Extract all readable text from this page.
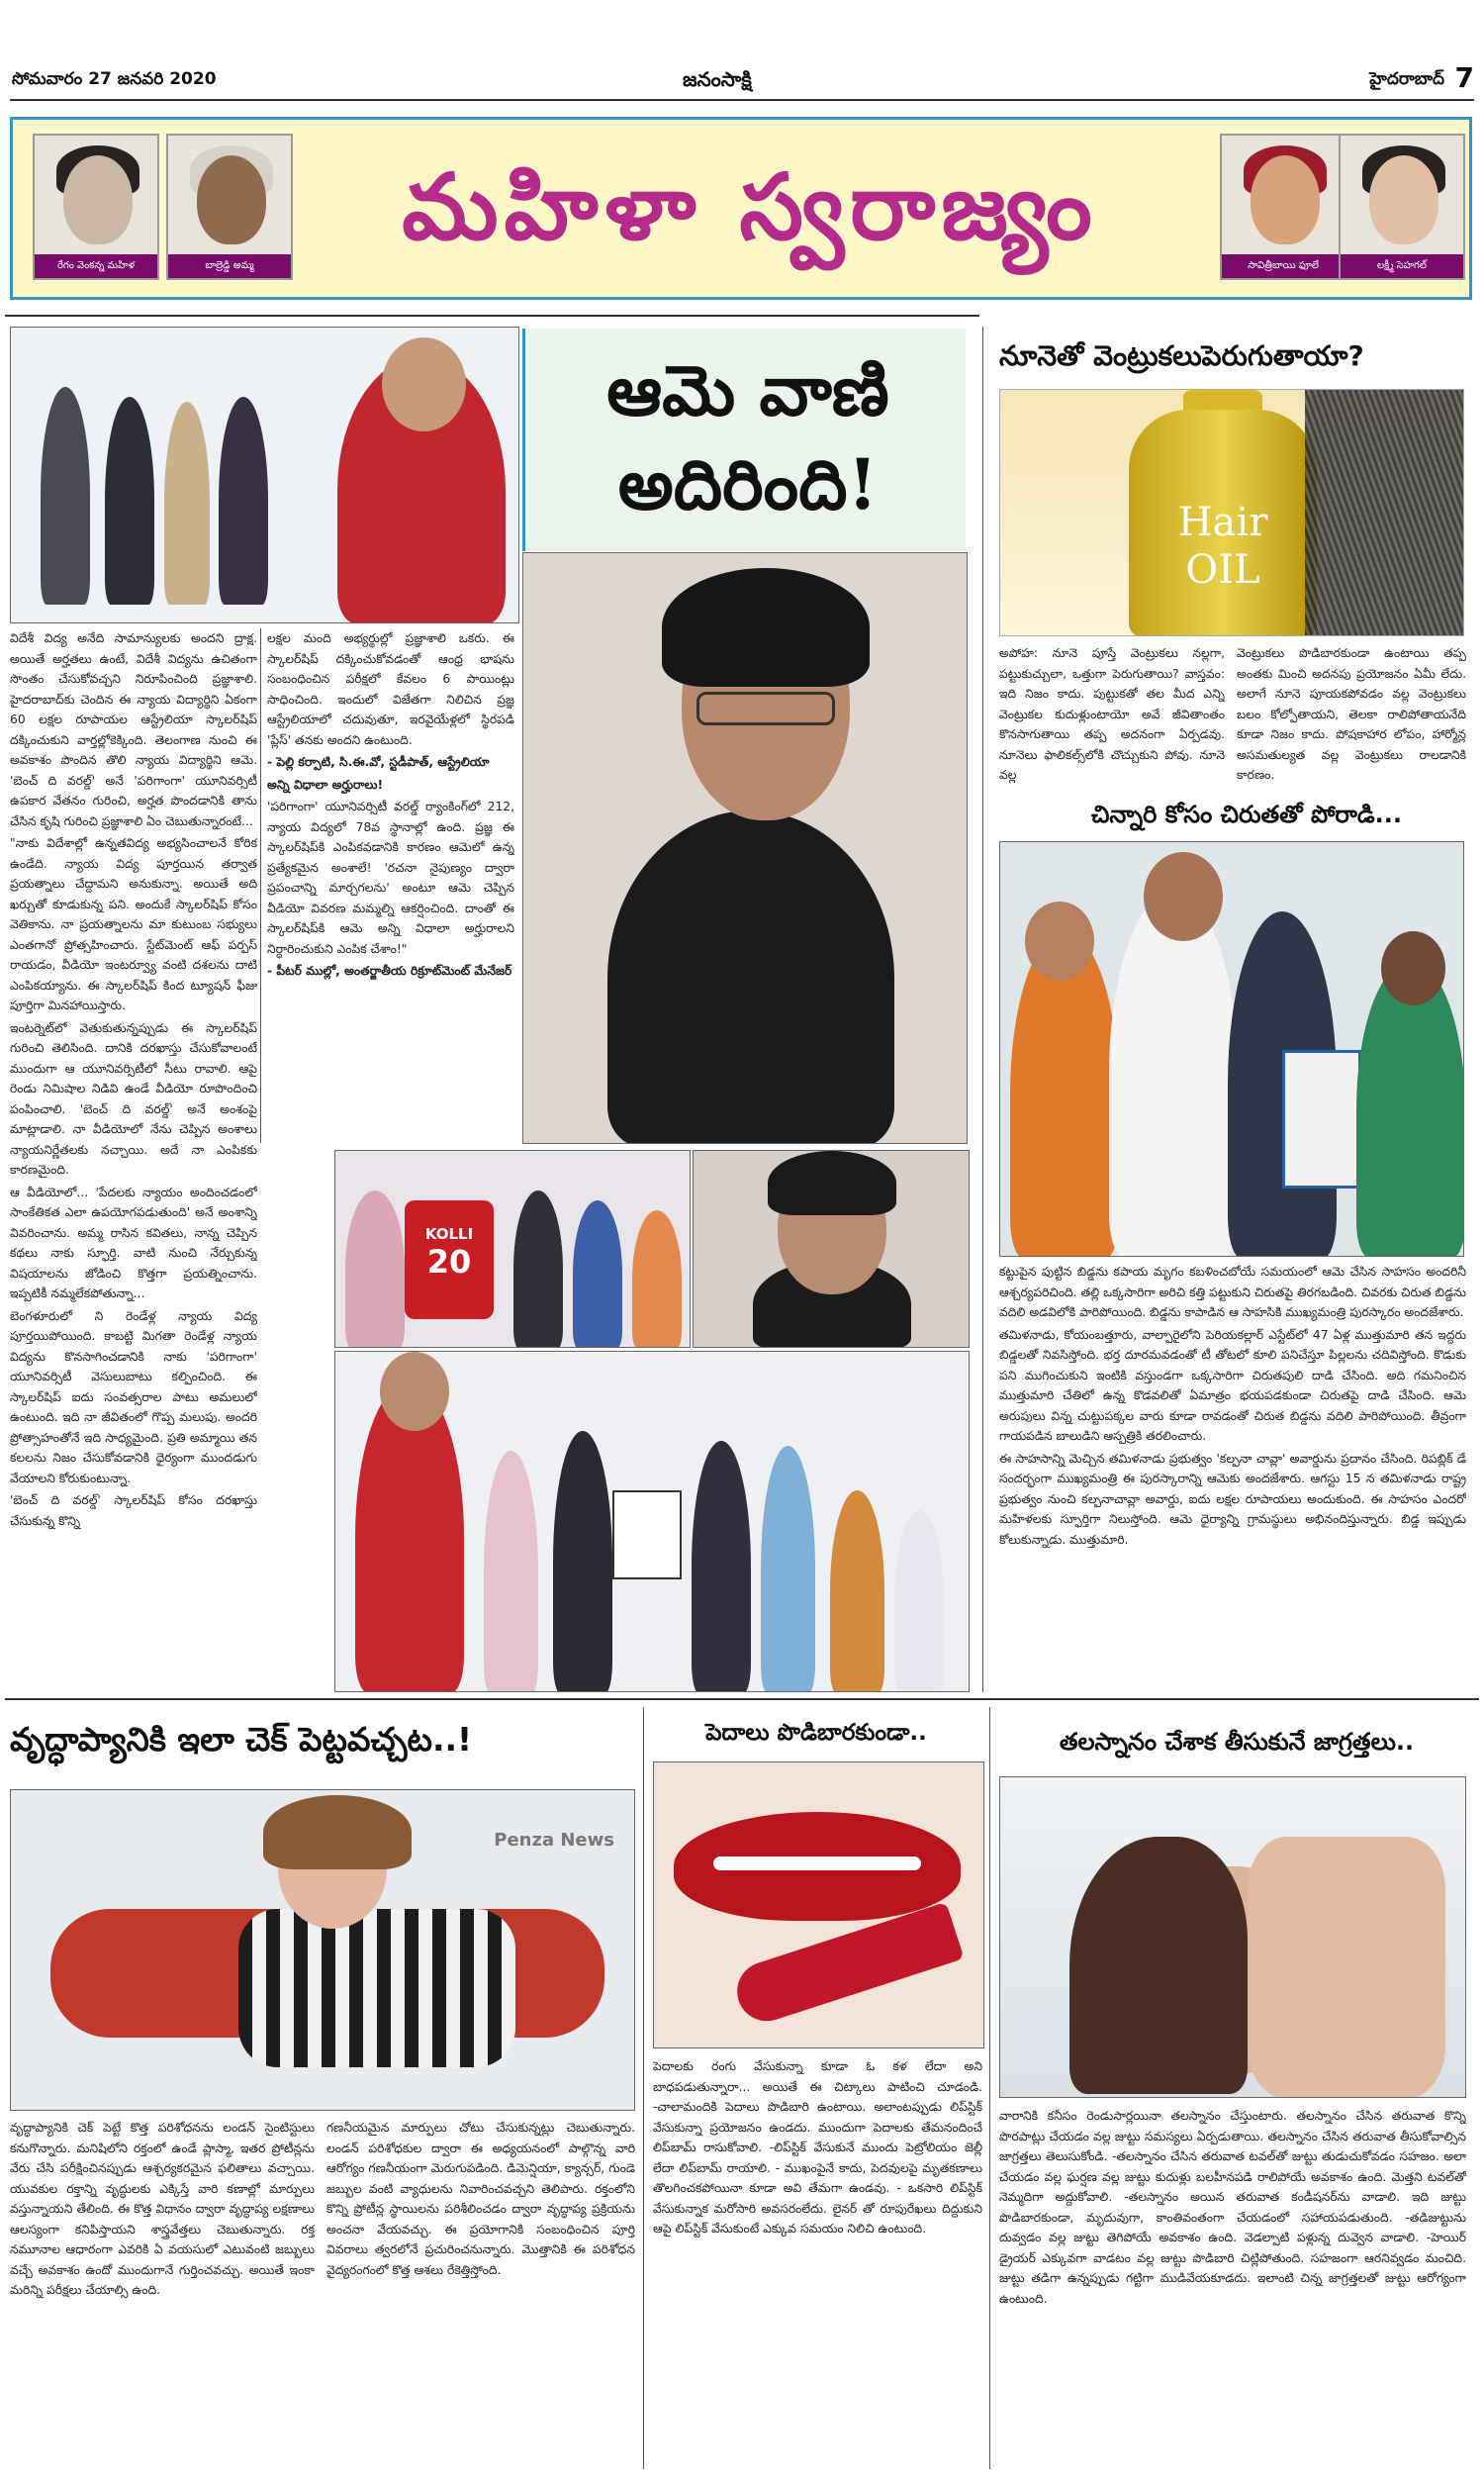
సోమవారం 27 జనవరి 2020	జనంసాక్షి	హైదరాబాద్ 7
రేగం వెంకన్న మహిళ	బాల్రెడ్డి అమ్మ
మహిళా స్వరాజ్యం
సావిత్రీబాయి ఫూలే	లక్ష్మీ సెహగల్
ఆమె వాణి
అదిరింది!

విదేశీ విద్య అనేది సామాన్యులకు అందని ద్రాక్ష. అయితే అర్హతలు ఉంటే, విదేశీ విద్యను ఉచితంగా సొంతం చేసుకోవచ్చని నిరూపించింది ప్రజ్ఞాశాలి. హైదరాబాద్‌కు చెందిన ఈ న్యాయ విద్యార్థిని ఏకంగా 60 లక్షల రూపాయల ఆస్ట్రేలియా స్కాలర్‌షిప్‌ దక్కించుకుని వార్తల్లోకెక్కింది. తెలంగాణ నుంచి ఈ అవకాశం పొందిన తొలి న్యాయ విద్యార్థిని ఆమె. 'బెంచ్‌ ది వరల్డ్‌' అనే 'పరిగాంగా' యూనివర్సిటీ ఉపకార వేతనం గురించి, అర్హత పొందడానికి తాను చేసిన కృషి గురించి ప్రజ్ఞాశాలి ఏం చెబుతున్నారంటే...

"నాకు విదేశాల్లో ఉన్నతవిద్య అభ్యసించాలనే కోరిక ఉండేది. న్యాయ విద్య పూర్తయిన తర్వాత ప్రయత్నాలు చేద్దామని అనుకున్నా. అయితే అది ఖర్చుతో కూడుకున్న పని. అందుకే స్కాలర్‌షిప్‌ కోసం వెతికాను. నా ప్రయత్నాలను మా కుటుంబ సభ్యులు ఎంతగానో ప్రోత్సహించారు. స్టేట్‌మెంట్‌ ఆఫ్‌ పర్పస్‌ రాయడం, వీడియో ఇంటర్వ్యూ వంటి దశలను దాటి ఎంపికయ్యాను. ఈ స్కాలర్‌షిప్‌ కింద ట్యూషన్‌ ఫీజు పూర్తిగా మినహాయిస్తారు.

ఇంటర్నెట్‌లో వెతుకుతున్నప్పుడు ఈ స్కాలర్‌షిప్‌ గురించి తెలిసింది. దానికి దరఖాస్తు చేసుకోవాలంటే ముందుగా ఆ యూనివర్సిటీలో సీటు రావాలి. ఆపై రెండు నిమిషాల నిడివి ఉండే వీడియో రూపొందించి పంపించాలి. 'బెంచ్‌ ది వరల్డ్‌' అనే అంశంపై మాట్లాడాలి. నా వీడియోలో నేను చెప్పిన అంశాలు న్యాయనిర్ణేతలకు నచ్చాయి. అదే నా ఎంపికకు కారణమైంది.

ఆ వీడియోలో... 'పేదలకు న్యాయం అందించడంలో సాంకేతికత ఎలా ఉపయోగపడుతుంది' అనే అంశాన్ని వివరించాను. అమ్మ రాసిన కవితలు, నాన్న చెప్పిన కథలు నాకు స్ఫూర్తి. వాటి నుంచి నేర్చుకున్న విషయాలను జోడించి కొత్తగా ప్రయత్నించాను. ఇప్పటికీ నమ్మలేకపోతున్నా...

బెంగళూరులో ని రెండేళ్ల న్యాయ విద్య పూర్తయిపోయింది. కాబట్టి మిగతా రెండేళ్ల న్యాయ విద్యను కొనసాగించడానికి నాకు 'పరిగాంగా' యూనివర్సిటీ వెసులుబాటు కల్పించింది. ఈ స్కాలర్‌షిప్‌ ఐదు సంవత్సరాల పాటు అమలులో ఉంటుంది. ఇది నా జీవితంలో గొప్ప మలుపు. అందరి ప్రోత్సాహంతోనే ఇది సాధ్యమైంది. ప్రతి అమ్మాయి తన కలలను నిజం చేసుకోవడానికి ధైర్యంగా ముందడుగు వేయాలని కోరుకుంటున్నా.

'బెంచ్‌ ది వరల్డ్‌' స్కాలర్‌షిప్‌ కోసం దరఖాస్తు చేసుకున్న కొన్ని

లక్షల మంది అభ్యర్థుల్లో ప్రజ్ఞాశాలి ఒకరు. ఈ స్కాలర్‌షిప్‌ దక్కించుకోవడంతో ఆంధ్ర భాషను సంబంధించిన పరీక్షలో కేవలం 6 పాయింట్లు సాధించింది. ఇందులో విజేతగా నిలిచిన ప్రజ్ఞ ఆస్ట్రేలియాలో చదువుతూ, ఇరవైయేళ్లలో స్థిరపడి 'ప్లేస్‌' తనకు అందని ఉంటుంది.

- పెల్లి కర్పాటి, సి.ఈ.వో, స్టడీపాత్‌, ఆస్ట్రేలియా

అన్ని విధాలా అర్హురాలు!

'పరిగాంగా' యూనివర్సిటీ వరల్డ్‌ ర్యాంకింగ్‌లో 212, న్యాయ విద్యలో 78వ స్థానాల్లో ఉంది. ప్రజ్ఞ ఈ స్కాలర్‌షిప్‌కి ఎంపికవడానికి కారణం ఆమెలో ఉన్న ప్రత్యేకమైన అంశాలే! 'రచనా నైపుణ్యం ద్వారా ప్రపంచాన్ని మార్చగలను' అంటూ ఆమె చెప్పిన వీడియో వివరణ మమ్మల్ని ఆకర్షించింది. దాంతో ఈ స్కాలర్‌షిప్‌కి ఆమె అన్ని విధాలా అర్హురాలని నిర్ధారించుకుని ఎంపిక చేశాం!"

- పీటర్‌ ముల్లో, అంతర్జాతీయ రిక్రూట్‌మెంట్‌ మేనేజర్‌

KOLLI
20
నూనెతో వెంట్రుకలుపెరుగుతాయా?
Hair
OIL
అపోహ: నూనె పూస్తే వెంట్రుకలు నల్లగా, పట్టుకుచ్చులా, ఒత్తుగా పెరుగుతాయి? వాస్తవం: ఇది నిజం కాదు. పుట్టుకతో తల మీద ఎన్ని వెంట్రుకల కుదుళ్లుంటాయో అవే జీవితాంతం కొనసాగుతాయి తప్ప అదనంగా ఏర్పడవు. నూనెలు ఫాలికల్స్‌లోకి చొచ్చుకుని పోవు. నూనె వల్ల
వెంట్రుకలు పొడిబారకుండా ఉంటాయి తప్ప అంతకు మించి అదనపు ప్రయోజనం ఏమీ లేదు. అలాగే నూనె పూయకపోవడం వల్ల వెంట్రుకలు బలం కోల్పోతాయని, తెలకా రాలిపోతాయనేది కూడా నిజం కాదు. పోషకాహార లోపం, హార్మోన్ల అసమతుల్యత వల్ల వెంట్రుకలు రాలడానికి కారణం.
చిన్నారి కోసం చిరుతతో పోరాడి...

కట్టుపైన పుట్టిన బిడ్డను కపాయ మృగం కబళించబోయే సమయంలో ఆమె చేసిన సాహసం అందరినీ ఆశ్చర్యపరిచింది. తల్లి ఒక్కసారిగా అరిచి కత్తి పట్టుకుని చిరుతపై తిరగబడింది. చివరకు చిరుత బిడ్డను వదిలి అడవిలోకి పారిపోయింది. బిడ్డను కాపాడిన ఆ సాహసికి ముఖ్యమంత్రి పురస్కారం అందజేశారు.

తమిళనాడు, కోయంబత్తూరు, వాల్పారైలోని పెరియకల్లార్‌ ఎస్టేట్‌లో 47 ఏళ్ల ముత్తుమారి తన ఇద్దరు బిడ్డలతో నివసిస్తోంది. భర్త దూరమవడంతో టీ తోటలో కూలి పనిచేస్తూ పిల్లలను చదివిస్తోంది. కొడుకు పని ముగించుకుని ఇంటికి వస్తుండగా ఒక్కసారిగా చిరుతపులి దాడి చేసింది. అది గమనించిన ముత్తుమారి చేతిలో ఉన్న కొడవలితో ఏమాత్రం భయపడకుండా చిరుతపై దాడి చేసింది. ఆమె అరుపులు విన్న చుట్టుపక్కల వారు కూడా రావడంతో చిరుత బిడ్డను వదిలి పారిపోయింది. తీవ్రంగా గాయపడిన బాలుడిని ఆస్పత్రికి తరలించారు.

ఈ సాహసాన్ని మెచ్చిన తమిళనాడు ప్రభుత్వం 'కల్పనా చావ్లా' అవార్డును ప్రదానం చేసింది. రిపబ్లిక్‌ డే సందర్భంగా ముఖ్యమంత్రి ఈ పురస్కారాన్ని ఆమెకు అందజేశారు. ఆగస్టు 15 న తమిళనాడు రాష్ట్ర ప్రభుత్వం నుంచి కల్పనాచావ్లా అవార్డు, ఐదు లక్షల రూపాయలు అందుకుంది. ఈ సాహసం ఎందరో మహిళలకు స్ఫూర్తిగా నిలుస్తోంది. ఆమె ధైర్యాన్ని గ్రామస్థులు అభినందిస్తున్నారు. బిడ్డ ఇప్పుడు కోలుకున్నాడు. ముత్తుమారి.

వృద్ధాప్యానికి ఇలా చెక్‌ పెట్టవచ్చట..!
Penza News
వృద్ధాప్యానికి చెక్‌ పెట్టే కొత్త పరిశోధనను లండన్‌ సైంటిస్టులు కనుగొన్నారు. మనిషిలోని రక్తంలో ఉండే ప్లాస్మా, ఇతర ప్రోటీన్లను వేరు చేసి పరీక్షించినప్పుడు ఆశ్చర్యకరమైన ఫలితాలు వచ్చాయి. యువకుల రక్తాన్ని వృద్ధులకు ఎక్కిస్తే వారి కణాల్లో మార్పులు వస్తున్నాయని తేలింది. ఈ కొత్త విధానం ద్వారా వృద్ధాప్య లక్షణాలు ఆలస్యంగా కనిపిస్తాయని శాస్త్రవేత్తలు చెబుతున్నారు. రక్త నమూనాల ఆధారంగా ఎవరికి ఏ వయసులో ఎటువంటి జబ్బులు వచ్చే అవకాశం ఉందో ముందుగానే గుర్తించవచ్చు. అయితే ఇంకా మరిన్ని పరీక్షలు చేయాల్సి ఉంది.
గణనీయమైన మార్పులు చోటు చేసుకున్నట్లు చెబుతున్నారు. లండన్‌ పరిశోధకుల ద్వారా ఈ అధ్యయనంలో పాల్గొన్న వారి ఆరోగ్యం గణనీయంగా మెరుగుపడింది. డిమెన్షియా, క్యాన్సర్‌, గుండె జబ్బుల వంటి వ్యాధులను నివారించవచ్చని తెలిపారు. రక్తంలోని కొన్ని ప్రోటీన్ల స్థాయిలను పరిశీలించడం ద్వారా వృద్ధాప్య ప్రక్రియను అంచనా వేయవచ్చు. ఈ ప్రయోగానికి సంబంధించిన పూర్తి వివరాలు త్వరలోనే ప్రచురించనున్నారు. మొత్తానికి ఈ పరిశోధన వైద్యరంగంలో కొత్త ఆశలు రేకెత్తిస్తోంది.
పెదాలు పొడిబారకుండా..
పెదాలకు రంగు వేసుకున్నా కూడా ఓ కళ లేదా అని బాధపడుతున్నారా... అయితే ఈ చిట్కాలు పాటించి చూడండి. -చాలామందికి పెదాలు పొడిబారి ఉంటాయి. అలాంటప్పుడు లిప్‌స్టిక్‌ వేసుకున్నా ప్రయోజనం ఉండదు. ముందుగా పెదాలకు తేమనందించే లిప్‌బామ్‌ రాసుకోవాలి. -లిప్‌స్టిక్‌ వేసుకునే ముందు పెట్రోలియం జెల్లీ లేదా లిప్‌బామ్‌ రాయాలి. - ముఖంపైనే కాదు, పెదవులపై మృతకణాలు తొలగించకపోయినా కూడా అవి తేమగా ఉండవు. - ఒకసారి లిప్‌స్టిక్‌ వేసుకున్నాక మరోసారి అవసరంలేదు. లైనర్‌ తో రూపురేఖలు దిద్దుకుని ఆపై లిప్‌స్టిక్‌ వేసుకుంటే ఎక్కువ సమయం నిలిచి ఉంటుంది.
తలస్నానం చేశాక తీసుకునే జాగ్రత్తలు..
వారానికి కనీసం రెండుసార్లయినా తలస్నానం చేస్తుంటారు. తలస్నానం చేసిన తరువాత కొన్ని పొరపాట్లు చేయడం వల్ల జుట్టు సమస్యలు ఏర్పడుతాయి. తలస్నానం చేసిన తరువాత తీసుకోవాల్సిన జాగ్రత్తలు తెలుసుకోండి. -తలస్నానం చేసిన తరువాత టవల్‌తో జుట్టు తుడుచుకోవడం సహజం. అలా చేయడం వల్ల ఘర్షణ వల్ల జుట్టు కుదుళ్లు బలహీనపడి రాలిపోయే అవకాశం ఉంది. మెత్తని టవల్‌తో నెమ్మదిగా అద్దుకోవాలి. -తలస్నానం అయిన తరువాత కండీషనర్‌ను వాడాలి. ఇది జుట్టు పొడిబారకుండా, మృదువుగా, కాంతివంతంగా చేయడంలో సహాయపడుతుంది. -తడిజుట్టును దువ్వడం వల్ల జుట్టు తెగిపోయే అవకాశం ఉంది. వెడల్పాటి పళ్లున్న దువ్వెన వాడాలి. -హెయిర్‌ డ్రైయర్‌ ఎక్కువగా వాడటం వల్ల జుట్టు పొడిబారి చిట్లిపోతుంది. సహజంగా ఆరనివ్వడం మంచిది. జుట్టు తడిగా ఉన్నప్పుడు గట్టిగా ముడివేయకూడదు. ఇలాంటి చిన్న జాగ్రత్తలతో జుట్టు ఆరోగ్యంగా ఉంటుంది.
